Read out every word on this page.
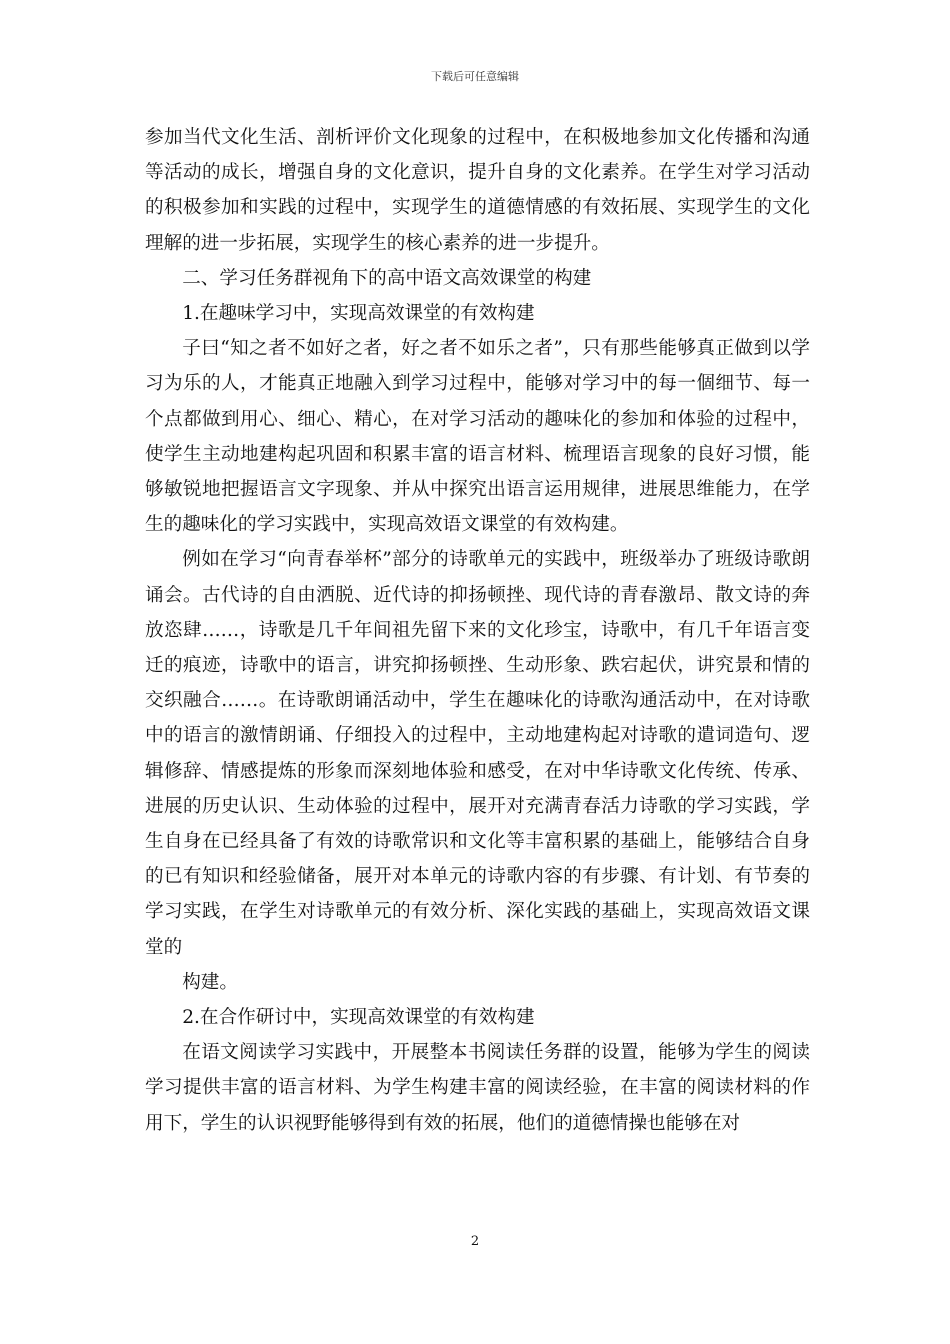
下载后可任意编辑

参加当代文化生活、剖析评价文化现象的过程中，在积极地参加文化传播和沟通等活动的成长，增强自身的文化意识，提升自身的文化素养。在学生对学习活动的积极参加和实践的过程中，实现学生的道德情感的有效拓展、实现学生的文化理解的进一步拓展，实现学生的核心素养的进一步提升。

二、学习任务群视角下的高中语文高效课堂的构建

1.在趣味学习中，实现高效课堂的有效构建

子曰“知之者不如好之者，好之者不如乐之者”，只有那些能够真正做到以学习为乐的人，才能真正地融入到学习过程中，能够对学习中的每一個细节、每一个点都做到用心、细心、精心，在对学习活动的趣味化的参加和体验的过程中，使学生主动地建构起巩固和积累丰富的语言材料、梳理语言现象的良好习惯，能够敏锐地把握语言文字现象、并从中探究出语言运用规律，进展思维能力，在学生的趣味化的学习实践中，实现高效语文课堂的有效构建。

例如在学习“向青春举杯”部分的诗歌单元的实践中，班级举办了班级诗歌朗诵会。古代诗的自由洒脱、近代诗的抑扬顿挫、现代诗的青春激昂、散文诗的奔放恣肆……，诗歌是几千年间祖先留下来的文化珍宝，诗歌中，有几千年语言变迁的痕迹，诗歌中的语言，讲究抑扬顿挫、生动形象、跌宕起伏，讲究景和情的交织融合……。在诗歌朗诵活动中，学生在趣味化的诗歌沟通活动中，在对诗歌中的语言的激情朗诵、仔细投入的过程中，主动地建构起对诗歌的遣词造句、逻辑修辞、情感提炼的形象而深刻地体验和感受，在对中华诗歌文化传统、传承、进展的历史认识、生动体验的过程中，展开对充满青春活力诗歌的学习实践，学生自身在已经具备了有效的诗歌常识和文化等丰富积累的基础上，能够结合自身的已有知识和经验储备，展开对本单元的诗歌内容的有步骤、有计划、有节奏的学习实践，在学生对诗歌单元的有效分析、深化实践的基础上，实现高效语文课堂的

构建。

2.在合作研讨中，实现高效课堂的有效构建

在语文阅读学习实践中，开展整本书阅读任务群的设置，能够为学生的阅读学习提供丰富的语言材料、为学生构建丰富的阅读经验，在丰富的阅读材料的作用下，学生的认识视野能够得到有效的拓展，他们的道德情操也能够在对

2
